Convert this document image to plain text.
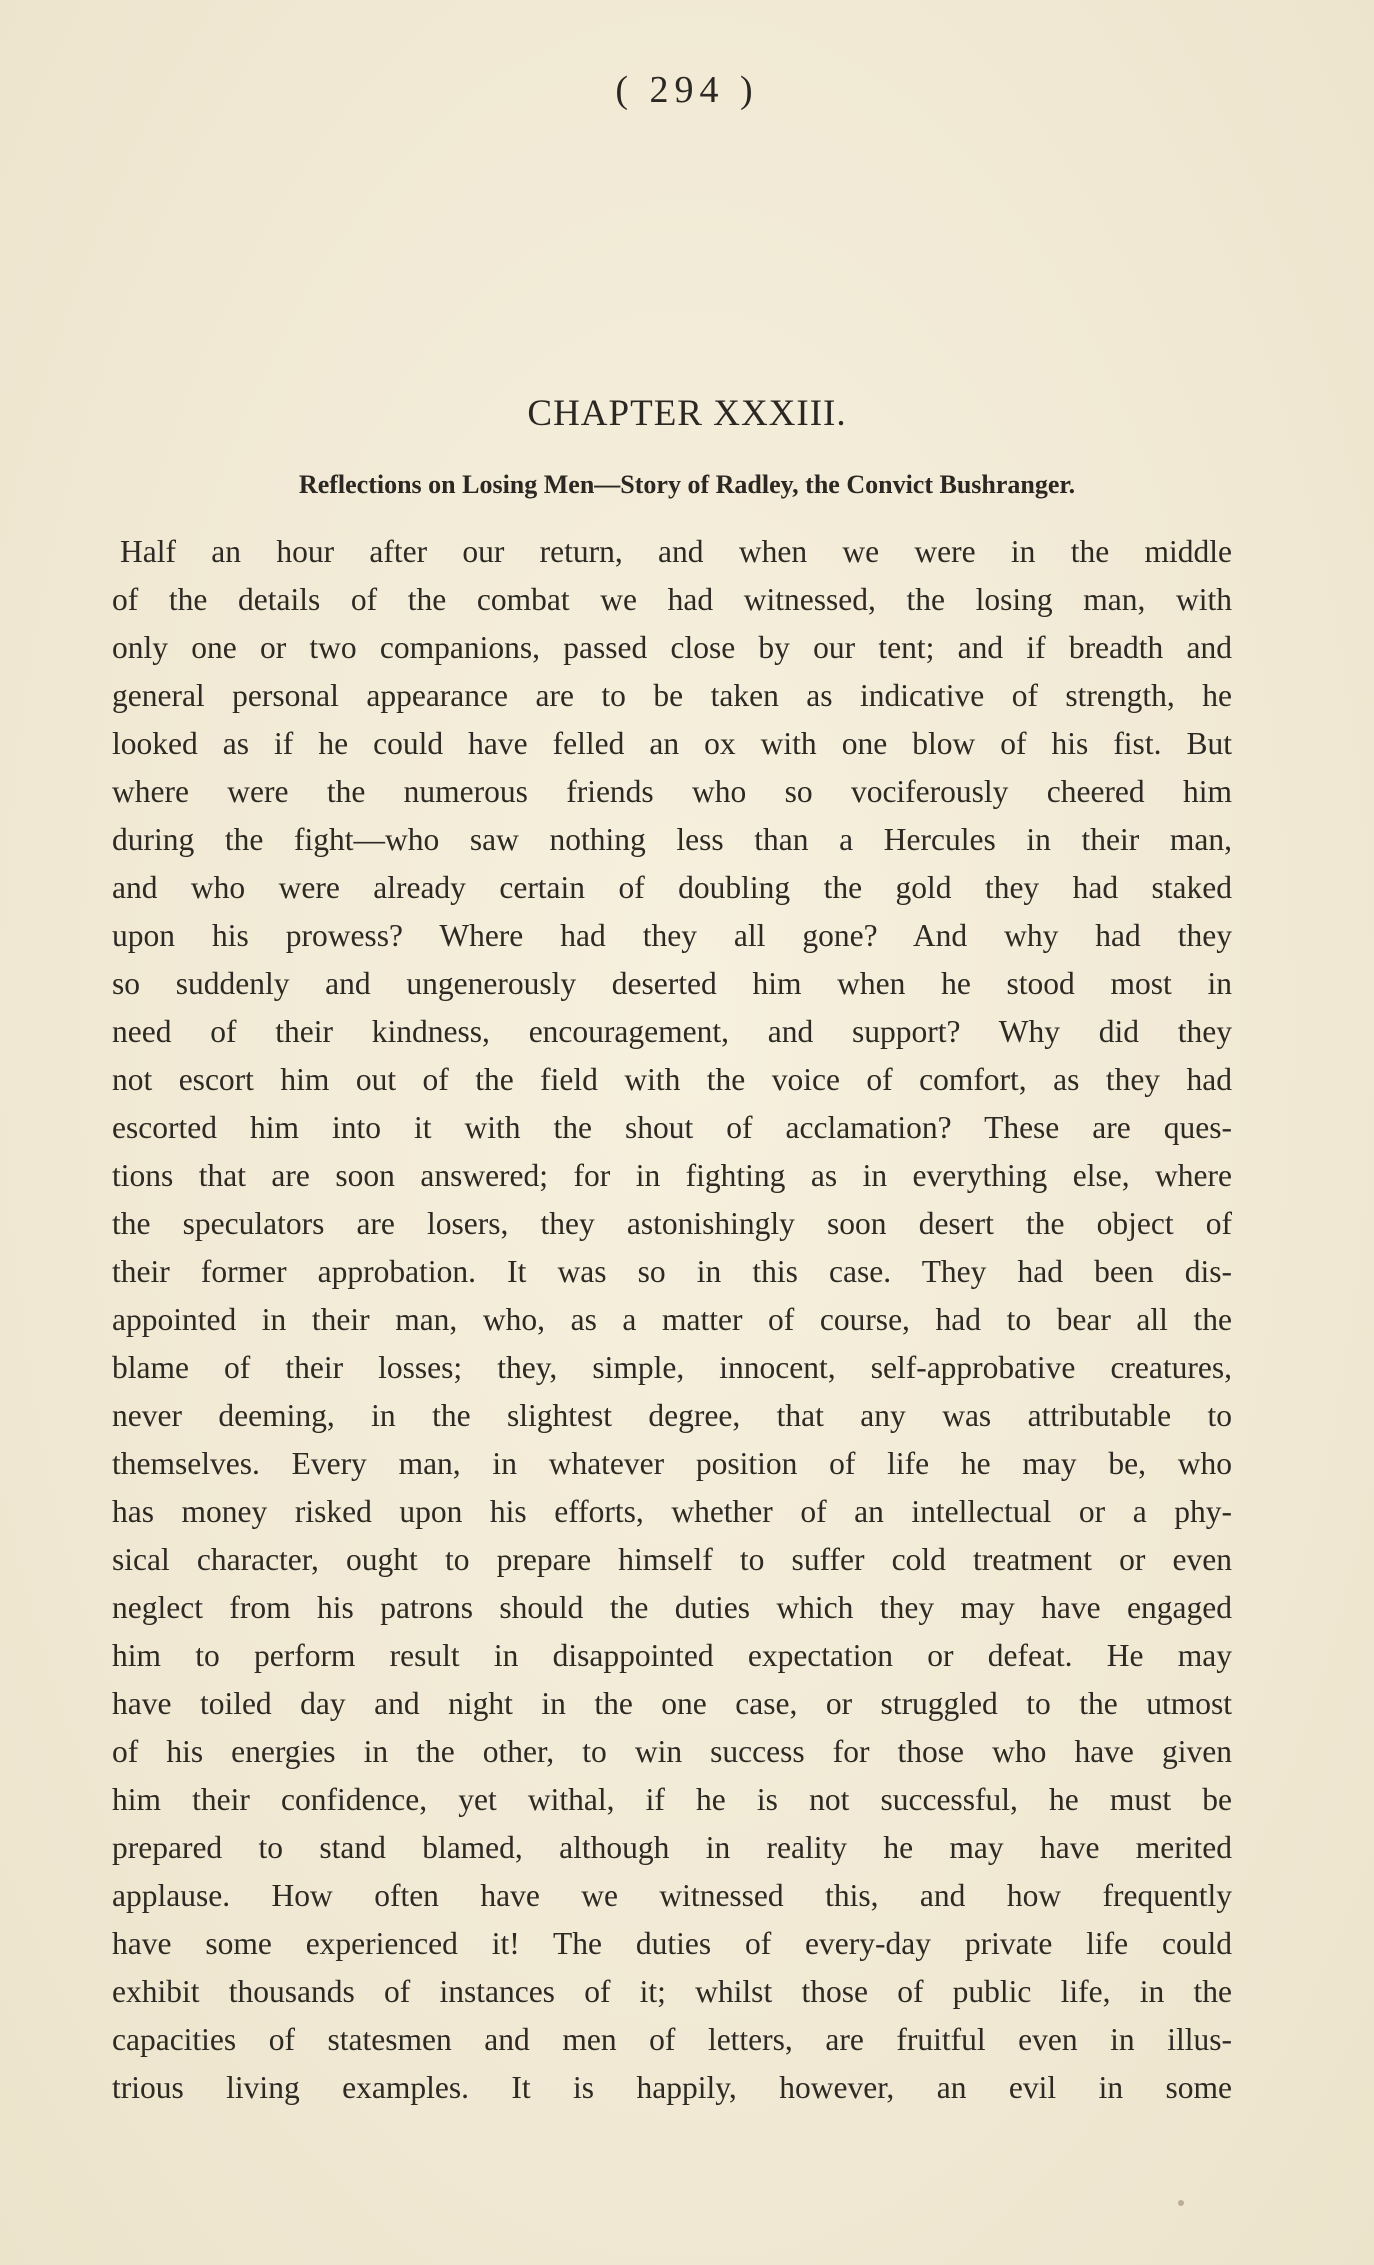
( 294 )
CHAPTER XXXIII.
Reflections on Losing Men—Story of Radley, the Convict Bushranger.
Half an hour after our return, and when we were in the middle
of the details of the combat we had witnessed, the losing man, with
only one or two companions, passed close by our tent; and if breadth and
general personal appearance are to be taken as indicative of strength, he
looked as if he could have felled an ox with one blow of his fist. But
where were the numerous friends who so vociferously cheered him
during the fight—who saw nothing less than a Hercules in their man,
and who were already certain of doubling the gold they had staked
upon his prowess? Where had they all gone? And why had they
so suddenly and ungenerously deserted him when he stood most in
need of their kindness, encouragement, and support? Why did they
not escort him out of the field with the voice of comfort, as they had
escorted him into it with the shout of acclamation? These are ques-
tions that are soon answered; for in fighting as in everything else, where
the speculators are losers, they astonishingly soon desert the object of
their former approbation. It was so in this case. They had been dis-
appointed in their man, who, as a matter of course, had to bear all the
blame of their losses; they, simple, innocent, self-approbative creatures,
never deeming, in the slightest degree, that any was attributable to
themselves. Every man, in whatever position of life he may be, who
has money risked upon his efforts, whether of an intellectual or a phy-
sical character, ought to prepare himself to suffer cold treatment or even
neglect from his patrons should the duties which they may have engaged
him to perform result in disappointed expectation or defeat. He may
have toiled day and night in the one case, or struggled to the utmost
of his energies in the other, to win success for those who have given
him their confidence, yet withal, if he is not successful, he must be
prepared to stand blamed, although in reality he may have merited
applause. How often have we witnessed this, and how frequently
have some experienced it! The duties of every-day private life could
exhibit thousands of instances of it; whilst those of public life, in the
capacities of statesmen and men of letters, are fruitful even in illus-
trious living examples. It is happily, however, an evil in some
